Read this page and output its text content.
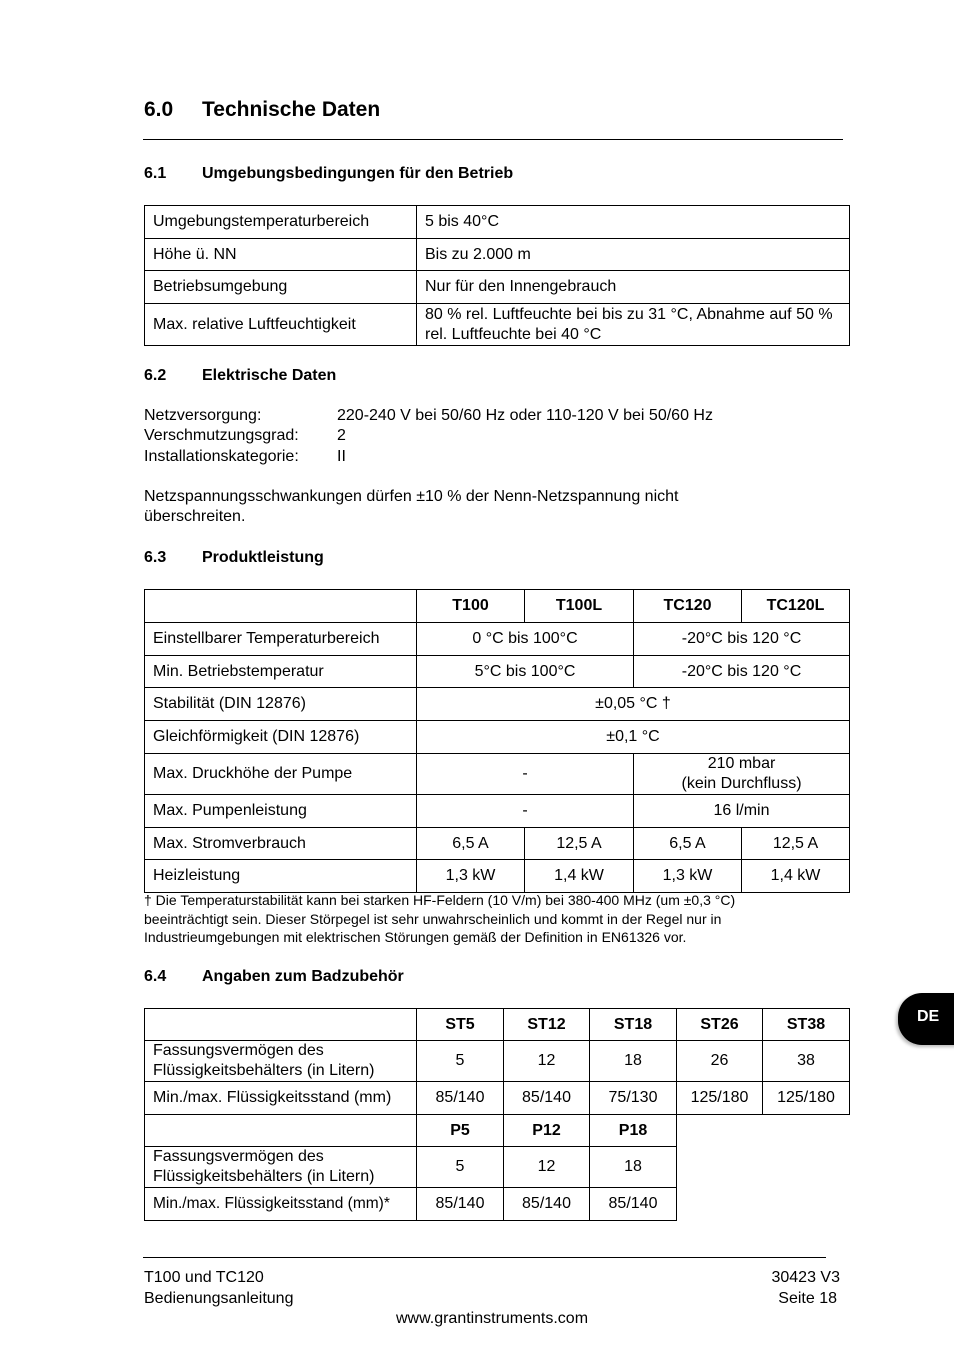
6.0 Technische Daten
6.1 Umgebungsbedingungen für den Betrieb
Umgebungstemperaturbereich	5 bis 40°C
Höhe ü. NN	Bis zu 2.000 m
Betriebsumgebung	Nur für den Innengebrauch
Max. relative Luftfeuchtigkeit	80 % rel. Luftfeuchte bei bis zu 31 °C, Abnahme auf 50 % rel. Luftfeuchte bei 40 °C
6.2 Elektrische Daten
Netzversorgung:	220-240 V bei 50/60 Hz oder 110-120 V bei 50/60 Hz
Verschmutzungsgrad: 2
Installationskategorie: II
Netzspannungsschwankungen dürfen ±10 % der Nenn-Netzspannung nicht
überschreiten.
6.3 Produktleistung
	T100	T100L	TC120	TC120L
Einstellbarer Temperaturbereich	0 °C bis 100°C		-20°C bis 120 °C	
Min. Betriebstemperatur	5°C bis 100°C		-20°C bis 120 °C	
Stabilität (DIN 12876)	±0,05 °C †			
Gleichförmigkeit (DIN 12876)	±0,1 °C			
Max. Druckhöhe der Pumpe	-		210 mbar
(kein Durchfluss)	

Max. Pumpenleistung	-		16 l/min	
Max. Stromverbrauch	6,5 A	12,5 A	6,5 A	12,5 A
Heizleistung	1,3 kW	1,4 kW	1,3 kW	1,4 kW
† Die Temperaturstabilität kann bei starken HF-Feldern (10 V/m) bei 380-400 MHz (um ±0,3 °C)
beeinträchtigt sein. Dieser Störpegel ist sehr unwahrscheinlich und kommt in der Regel nur in
Industrieumgebungen mit elektrischen Störungen gemäß der Definition in EN61326 vor.
6.4 Angaben zum Badzubehör
	ST5	ST12	ST18	ST26	ST38

Fassungsvermögen des
Flüssigkeitsbehälters (in Litern)	5	12	18	26	38
Min./max. Flüssigkeitsstand (mm)	85/140	85/140	75/130	125/180	125/180
	P5	P12	P18		

Fassungsvermögen des
Flüssigkeitsbehälters (in Litern)	5	12	18		
Min./max. Flüssigkeitsstand (mm)*	85/140	85/140	85/140		
DE
T100 und TC120
Bedienungsanleitung
30423 V3
Seite 18
www.grantinstruments.com
